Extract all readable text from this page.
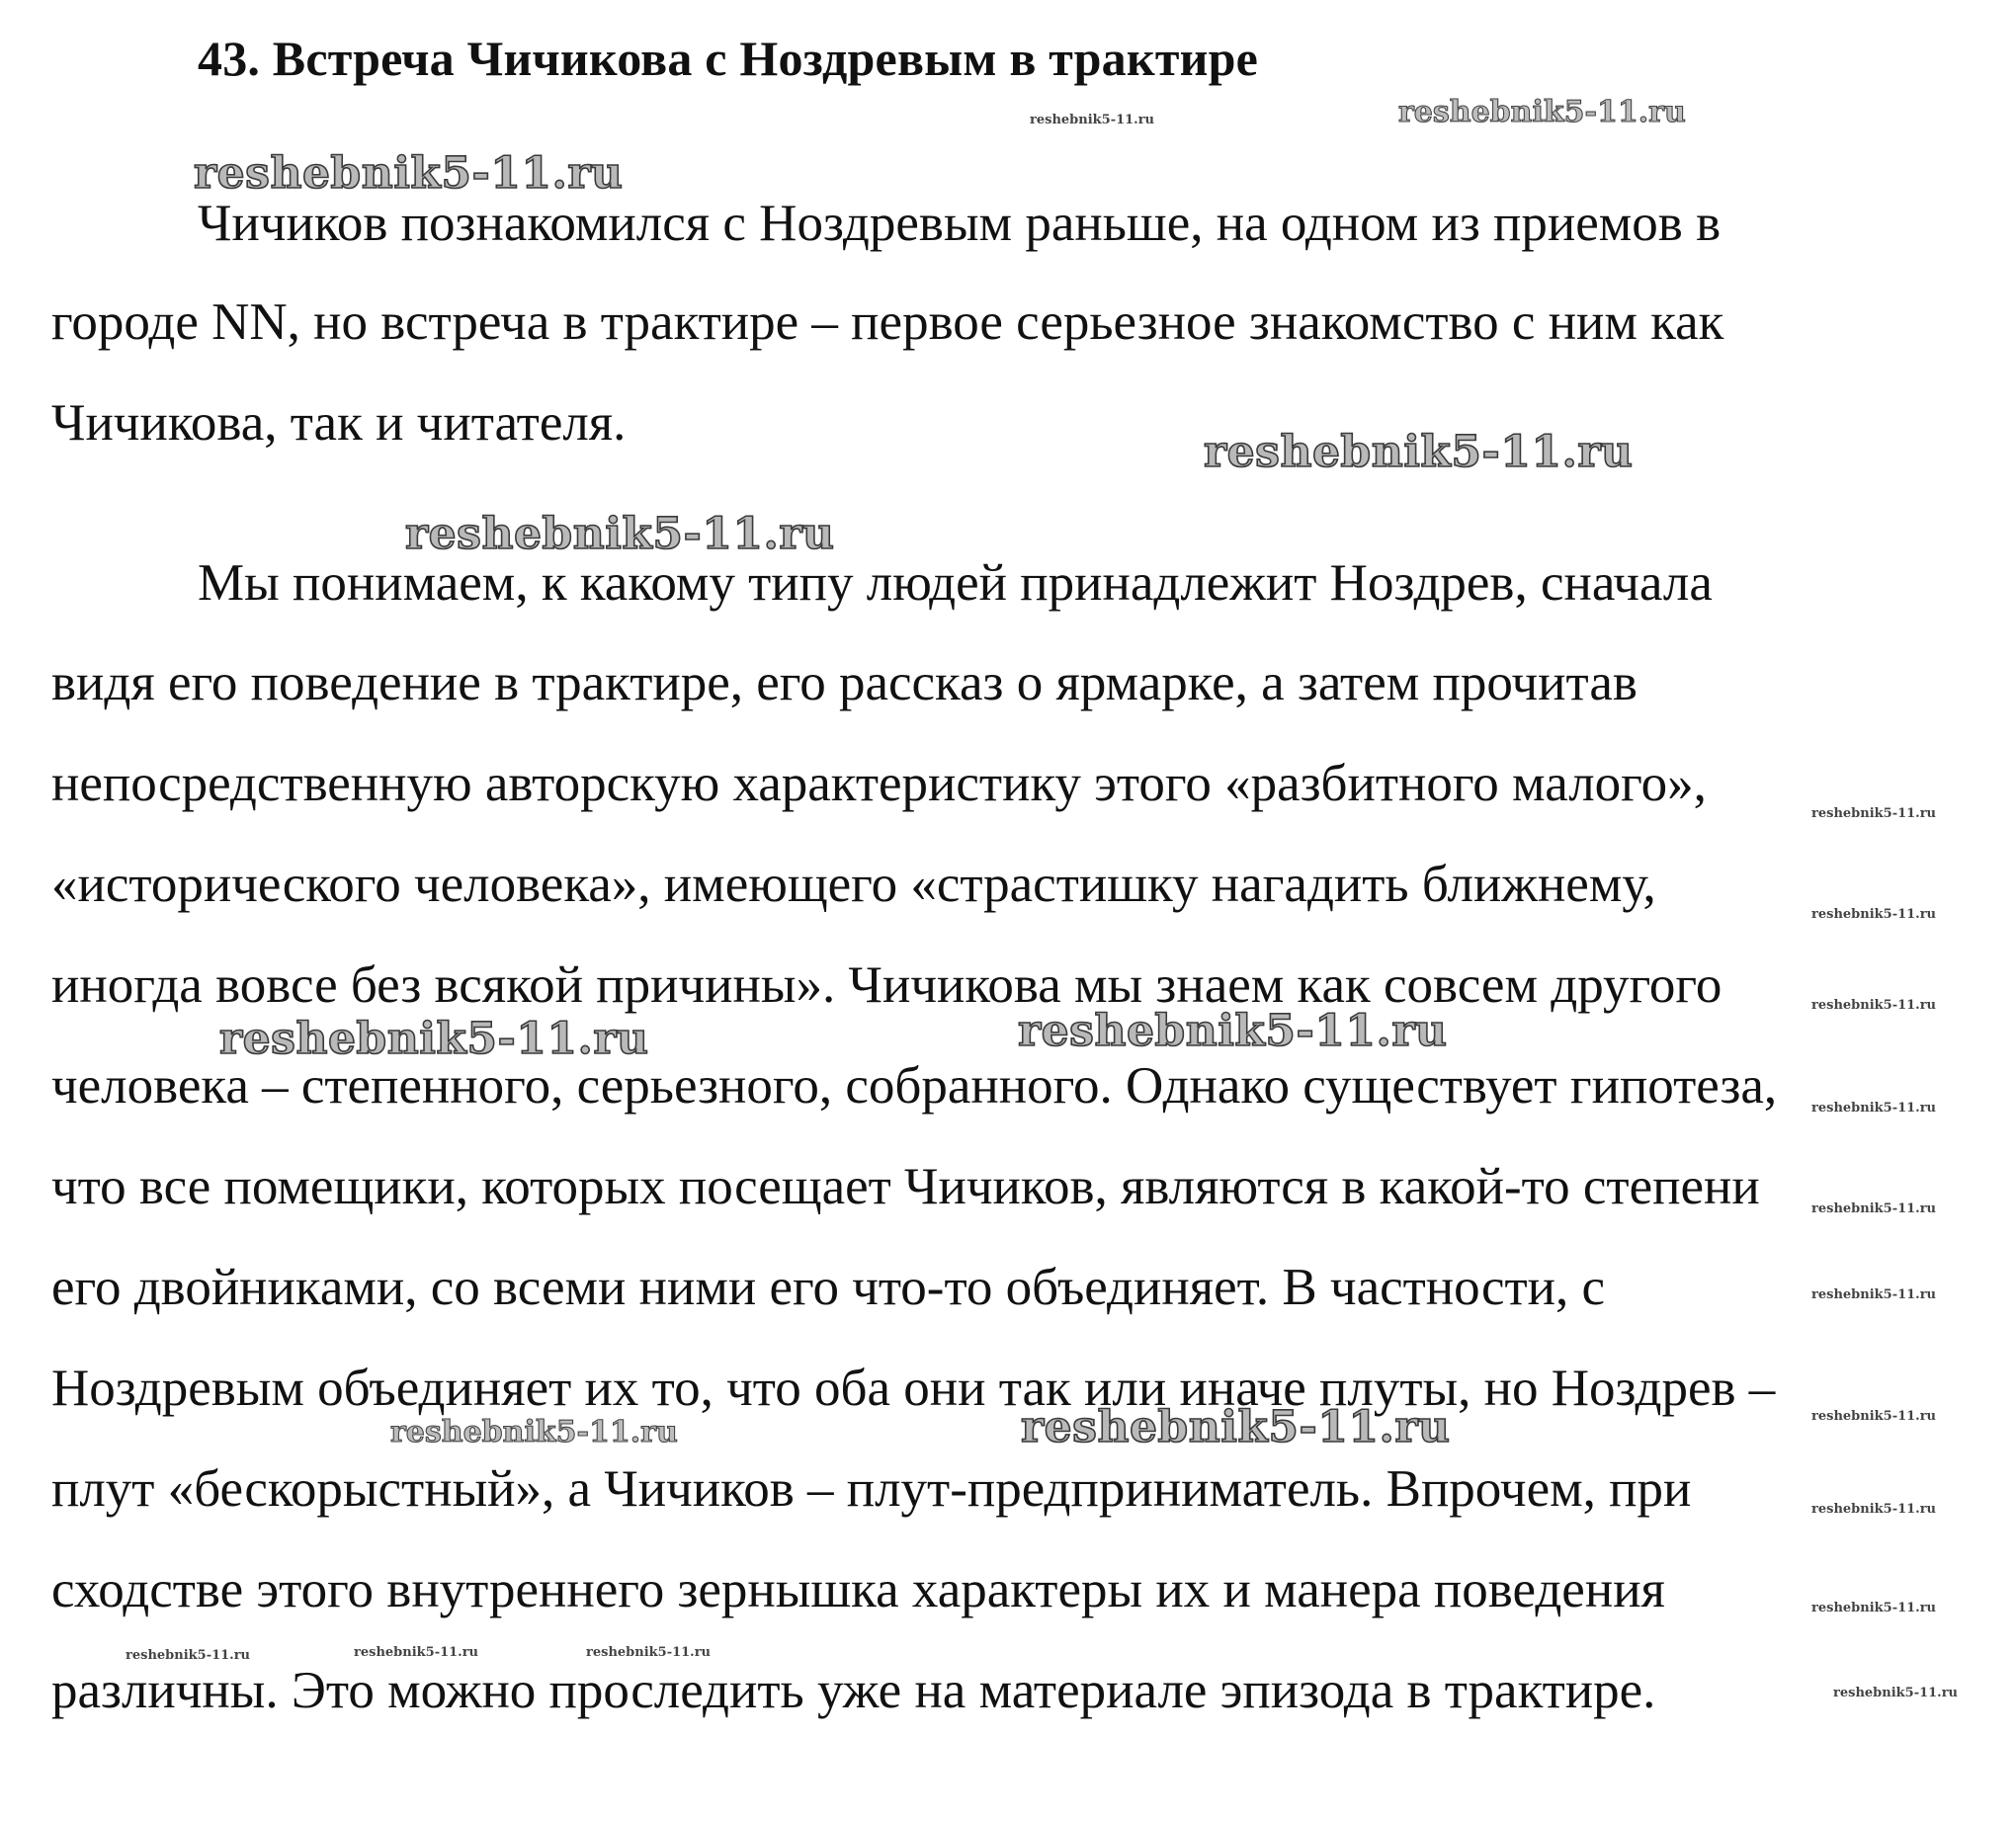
43. Встреча Чичикова с Ноздревым в трактире
Чичиков познакомился с Ноздревым раньше, на одном из приемов в
городе NN, но встреча в трактире – первое серьезное знакомство с ним как
Чичикова, так и читателя.
Мы понимаем, к какому типу людей принадлежит Ноздрев, сначала
видя его поведение в трактире, его рассказ о ярмарке, а затем прочитав
непосредственную авторскую характеристику этого «разбитного малого»,
«исторического человека», имеющего «страстишку нагадить ближнему,
иногда вовсе без всякой причины». Чичикова мы знаем как совсем другого
человека – степенного, серьезного, собранного. Однако существует гипотеза,
что все помещики, которых посещает Чичиков, являются в какой-то степени
его двойниками, со всеми ними его что-то объединяет. В частности, с
Ноздревым объединяет их то, что оба они так или иначе плуты, но Ноздрев –
плут «бескорыстный», а Чичиков – плут-предприниматель. Впрочем, при
сходстве этого внутреннего зернышка характеры их и манера поведения
различны. Это можно проследить уже на материале эпизода в трактире.
reshebnik5-11.ru
reshebnik5-11.ru
reshebnik5-11.ru
reshebnik5-11.ru	reshebnik5-11.ru
reshebnik5-11.ru
reshebnik5-11.ru
reshebnik5-11.ru
reshebnik5-11.ru
reshebnik5-11.ru
reshebnik5-11.ru
reshebnik5-11.ru
reshebnik5-11.ru
reshebnik5-11.ru
reshebnik5-11.ru
reshebnik5-11.ru
reshebnik5-11.ru
reshebnik5-11.ru
reshebnik5-11.ru
reshebnik5-11.ru	reshebnik5-11.ru	reshebnik5-11.ru
